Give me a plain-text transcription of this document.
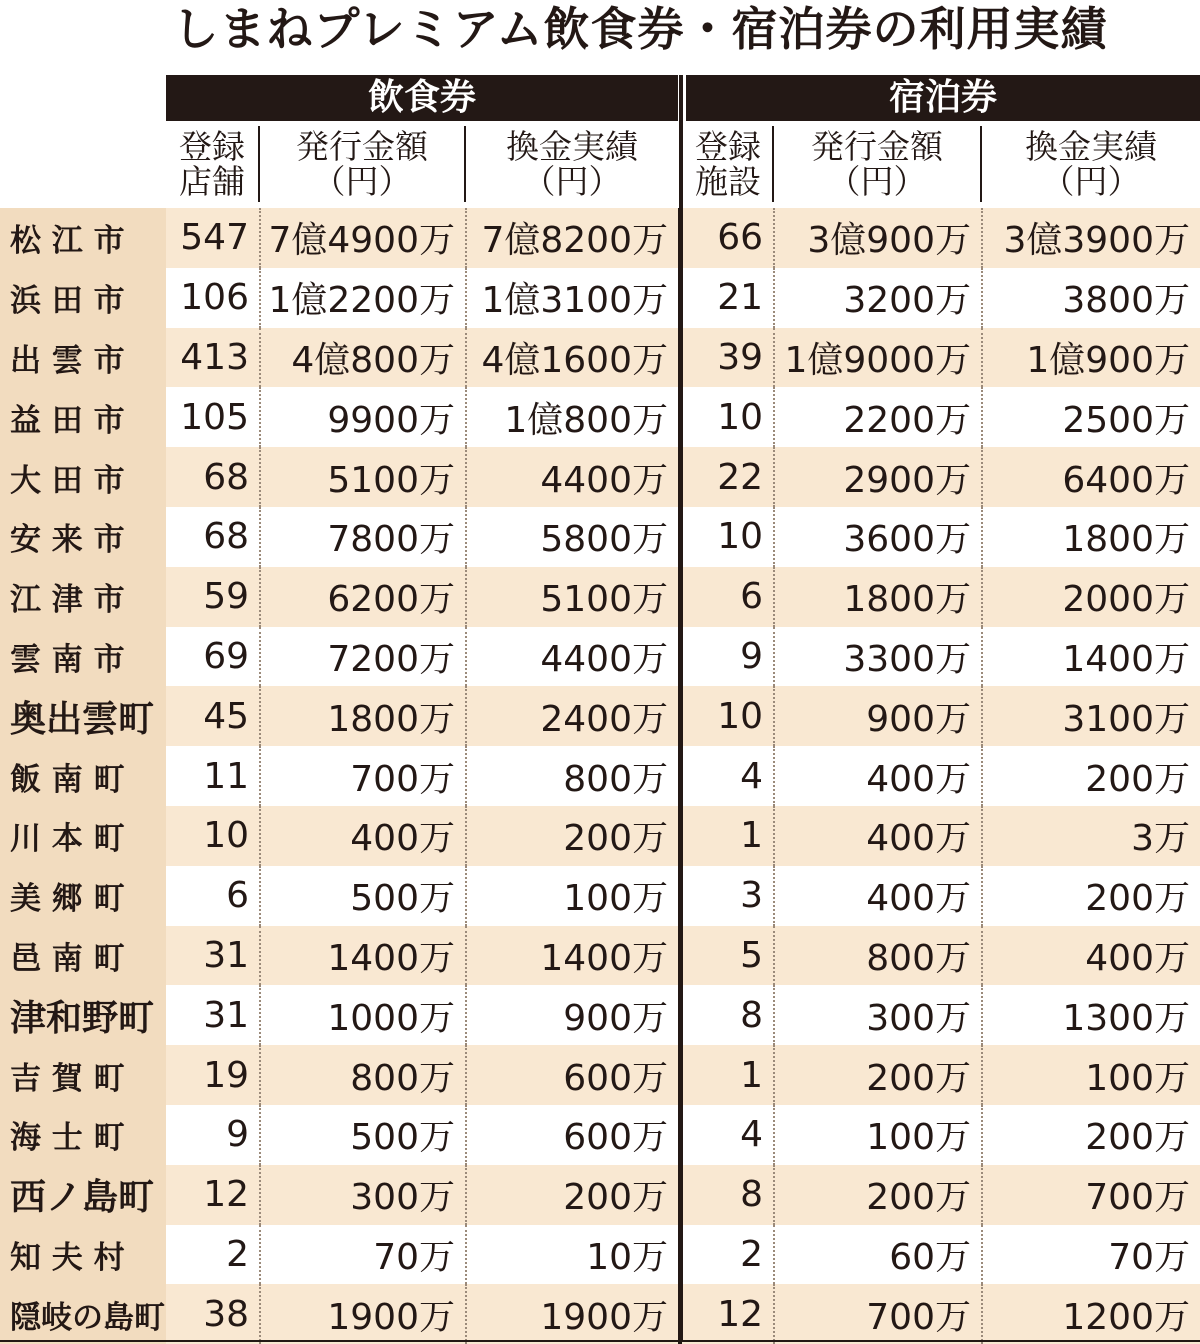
しまねプレミアム飲食券・宿泊券の利用実績
飲食券	宿泊券
登録
店舗
発行金額
（円）
換金実績
（円）
登録
施設
発行金額
（円）
換金実績
（円）
松 江 市	547	7億4900万	7億8200万	66	3億900万	3億3900万
浜 田 市	106	1億2200万	1億3100万	21	3200万	3800万
出 雲 市	413	4億800万	4億1600万	39	1億9000万	1億900万
益 田 市	105	9900万	1億800万	10	2200万	2500万
大 田 市	68	5100万	4400万	22	2900万	6400万
安 来 市	68	7800万	5800万	10	3600万	1800万
江 津 市	59	6200万	5100万	6	1800万	2000万
雲 南 市	69	7200万	4400万	9	3300万	1400万
奥出雲町	45	1800万	2400万	10	900万	3100万
飯 南 町	11	700万	800万	4	400万	200万
川 本 町	10	400万	200万	1	400万	3万
美 郷 町	6	500万	100万	3	400万	200万
邑 南 町	31	1400万	1400万	5	800万	400万
津和野町	31	1000万	900万	8	300万	1300万
吉 賀 町	19	800万	600万	1	200万	100万
海 士 町	9	500万	600万	4	100万	200万
西ノ島町	12	300万	200万	8	200万	700万
知 夫 村	2	70万	10万	2	60万	70万
隠岐の島町	38	1900万	1900万	12	700万	1200万
